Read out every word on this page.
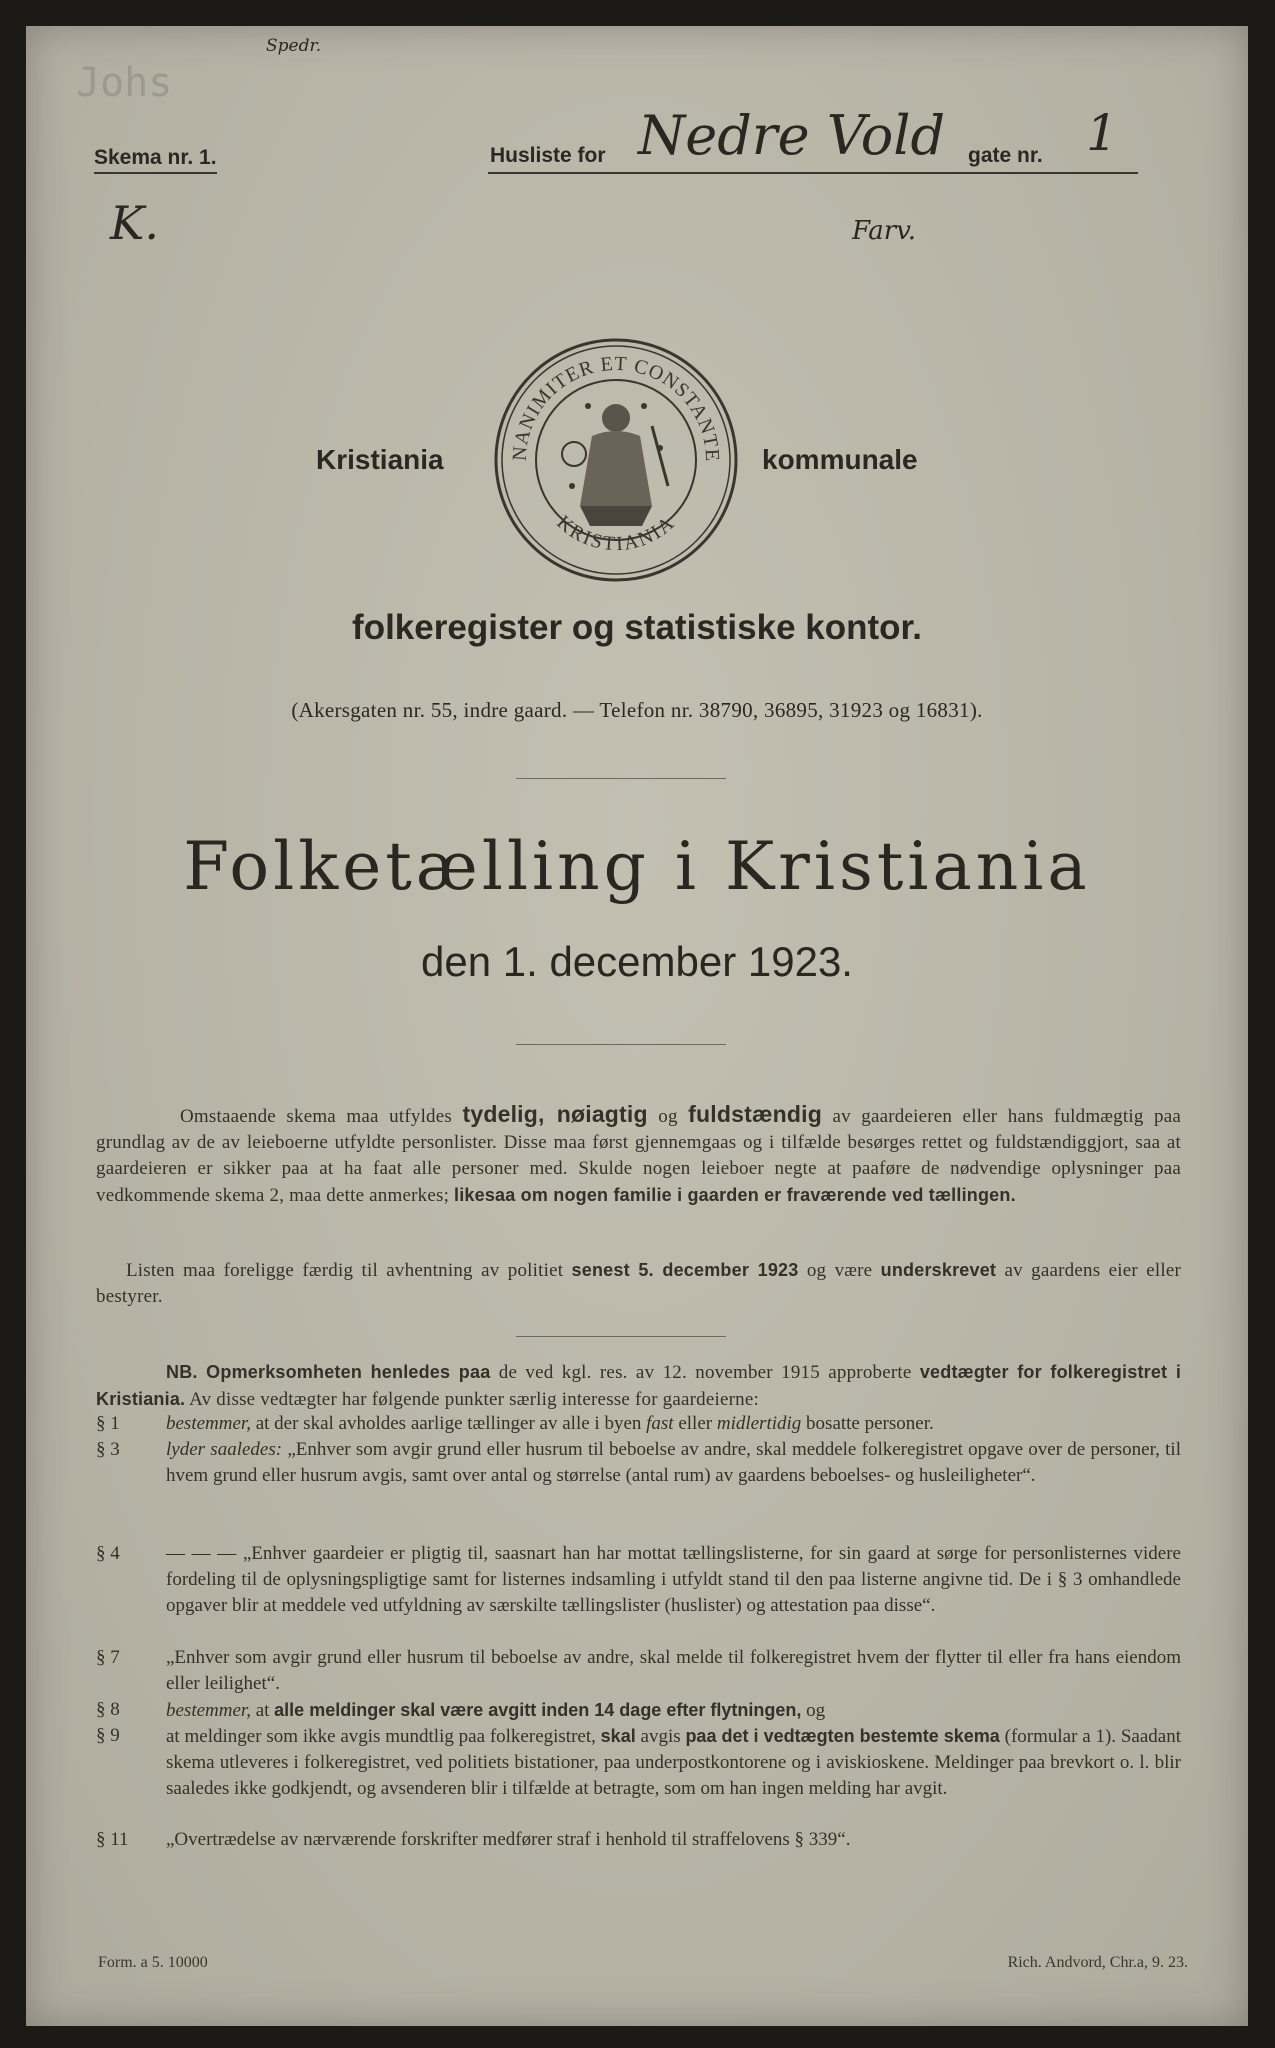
Spedr.
Johs
Skema nr. 1.	Husliste for Nedre Vold gate nr. 1
K.	Farv.
Kristiania	NANIMITER ET CONSTANTE
KRISTIANIA
kommunale
folkeregister og statistiske kontor.
(Akersgaten nr. 55, indre gaard. — Telefon nr. 38790, 36895, 31923 og 16831).
Folketælling i Kristiania
den 1. december 1923.
Omstaaende skema maa utfyldes tydelig, nøiagtig og fuldstændig av gaardeieren eller hans fuldmægtig paa grundlag av de av leieboerne utfyldte personlister. Disse maa først gjennemgaas og i tilfælde besørges rettet og fuldstændiggjort, saa at gaardeieren er sikker paa at ha faat alle personer med. Skulde nogen leieboer negte at paaføre de nødvendige oplysninger paa vedkommende skema 2, maa dette anmerkes; likesaa om nogen familie i gaarden er fraværende ved tællingen.
Listen maa foreligge færdig til avhentning av politiet senest 5. december 1923 og være underskrevet av gaardens eier eller bestyrer.
NB. Opmerksomheten henledes paa de ved kgl. res. av 12. november 1915 approberte vedtægter for folkeregistret i Kristiania. Av disse vedtægter har følgende punkter særlig interesse for gaardeierne:
§ 1	bestemmer, at der skal avholdes aarlige tællinger av alle i byen fast eller midlertidig bosatte personer.
§ 3	lyder saaledes: „Enhver som avgir grund eller husrum til beboelse av andre, skal meddele folkeregistret opgave over de personer, til hvem grund eller husrum avgis, samt over antal og størrelse (antal rum) av gaardens beboelses- og husleiligheter“.
§ 4	— — — „Enhver gaardeier er pligtig til, saasnart han har mottat tællingslisterne, for sin gaard at sørge for personlisternes videre fordeling til de oplysningspligtige samt for listernes indsamling i utfyldt stand til den paa listerne angivne tid. De i § 3 omhandlede opgaver blir at meddele ved utfyldning av særskilte tællingslister (huslister) og attestation paa disse“.
§ 7	„Enhver som avgir grund eller husrum til beboelse av andre, skal melde til folkeregistret hvem der flytter til eller fra hans eiendom eller leilighet“.
§ 8	bestemmer, at alle meldinger skal være avgitt inden 14 dage efter flytningen, og
§ 9	at meldinger som ikke avgis mundtlig paa folkeregistret, skal avgis paa det i vedtægten bestemte skema (formular a 1). Saadant skema utleveres i folkeregistret, ved politiets bistationer, paa underpostkontorene og i aviskioskene. Meldinger paa brevkort o. l. blir saaledes ikke godkjendt, og avsenderen blir i tilfælde at betragte, som om han ingen melding har avgit.
§ 11	„Overtrædelse av nærværende forskrifter medfører straf i henhold til straffelovens § 339“.
Form. a 5. 10000	Rich. Andvord, Chr.a, 9. 23.
